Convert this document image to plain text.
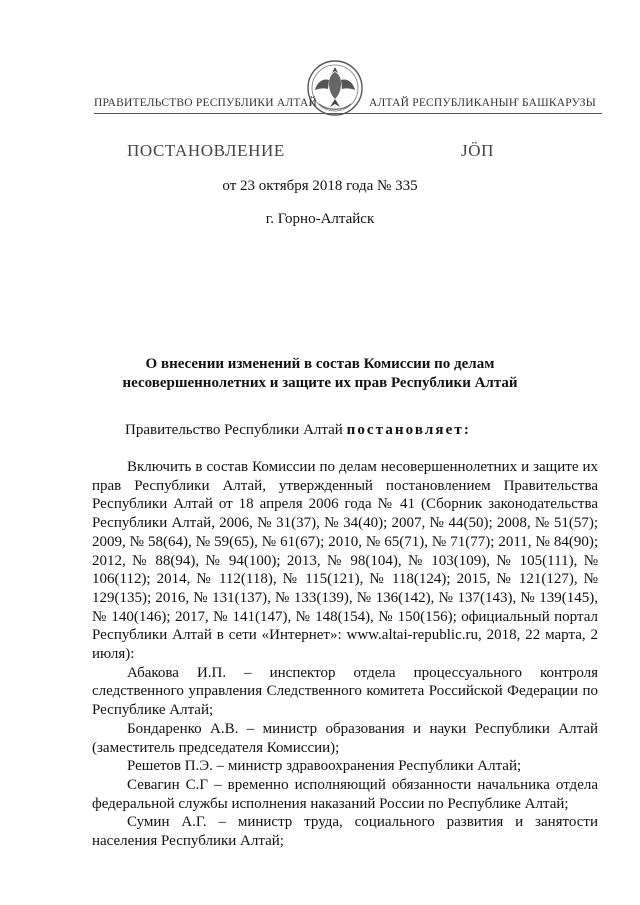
ПРАВИТЕЛЬСТВО РЕСПУБЛИКИ АЛТАЙ	АЛТАЙ РЕСПУБЛИКАНЫҤ БАШКАРУЗЫ
ПОСТАНОВЛЕНИЕ	JÖП
от 23 октября 2018 года № 335
г. Горно-Алтайск
О внесении изменений в состав Комиссии по делам
несовершеннолетних и защите их прав Республики Алтай
Правительство Республики Алтай постановляет:

Включить в состав Комиссии по делам несовершеннолетних и защите их прав Республики Алтай, утвержденный постановлением Правительства Республики Алтай от 18 апреля 2006 года № 41 (Сборник законодательства Республики Алтай, 2006, № 31(37), № 34(40); 2007, № 44(50); 2008, № 51(57); 2009, № 58(64), № 59(65), № 61(67); 2010, № 65(71), № 71(77); 2011, № 84(90); 2012, № 88(94), № 94(100); 2013, № 98(104), № 103(109), № 105(111), № 106(112); 2014, № 112(118), № 115(121), № 118(124); 2015, № 121(127), № 129(135); 2016, № 131(137), № 133(139), № 136(142), № 137(143), № 139(145), № 140(146); 2017, № 141(147), № 148(154), № 150(156); официальный портал Республики Алтай в сети «Интернет»: www.altai-republic.ru, 2018, 22 марта, 2 июля):

Абакова И.П. – инспектор отдела процессуального контроля следственного управления Следственного комитета Российской Федерации по Республике Алтай;

Бондаренко А.В. – министр образования и науки Республики Алтай (заместитель председателя Комиссии);

Решетов П.Э. – министр здравоохранения Республики Алтай;

Севагин С.Г – временно исполняющий обязанности начальника отдела федеральной службы исполнения наказаний России по Республике Алтай;

Сумин А.Г. – министр труда, социального развития и занятости населения Республики Алтай;
